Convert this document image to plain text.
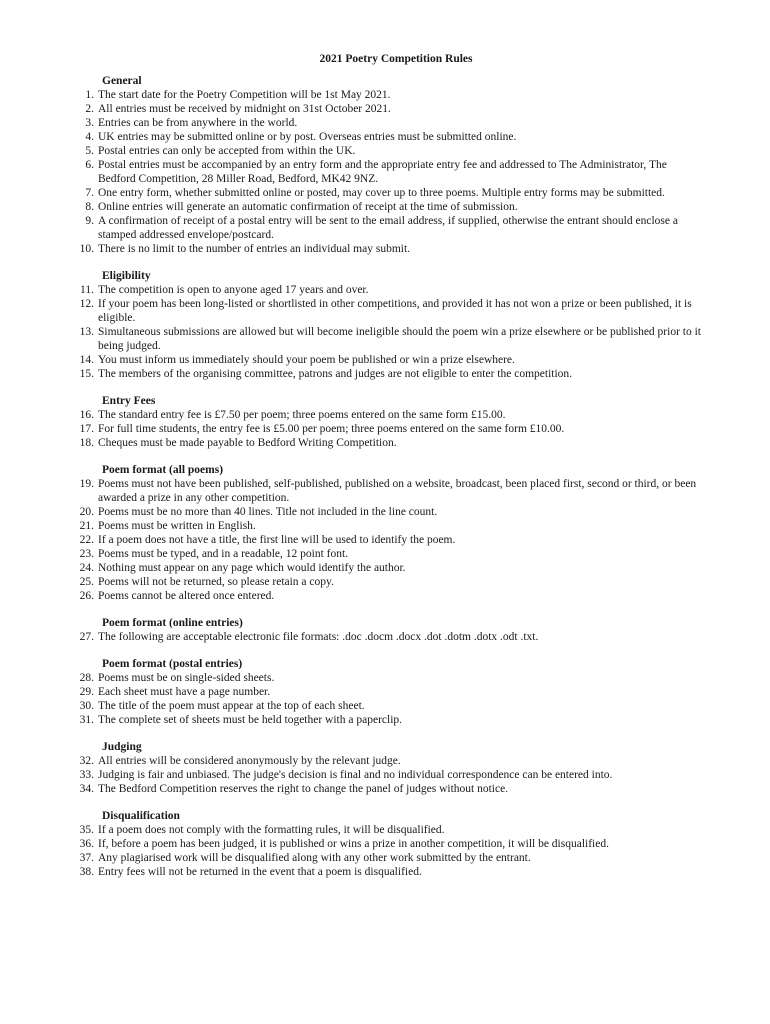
2021 Poetry Competition Rules
General
1. The start date for the Poetry Competition will be 1st May 2021.
2. All entries must be received by midnight on 31st October 2021.
3. Entries can be from anywhere in the world.
4. UK entries may be submitted online or by post. Overseas entries must be submitted online.
5. Postal entries can only be accepted from within the UK.
6. Postal entries must be accompanied by an entry form and the appropriate entry fee and addressed to The Administrator, The Bedford Competition, 28 Miller Road, Bedford, MK42 9NZ.
7. One entry form, whether submitted online or posted, may cover up to three poems. Multiple entry forms may be submitted.
8. Online entries will generate an automatic confirmation of receipt at the time of submission.
9. A confirmation of receipt of a postal entry will be sent to the email address, if supplied, otherwise the entrant should enclose a stamped addressed envelope/postcard.
10. There is no limit to the number of entries an individual may submit.
Eligibility
11. The competition is open to anyone aged 17 years and over.
12. If your poem has been long-listed or shortlisted in other competitions, and provided it has not won a prize or been published, it is eligible.
13. Simultaneous submissions are allowed but will become ineligible should the poem win a prize elsewhere or be published prior to it being judged.
14. You must inform us immediately should your poem be published or win a prize elsewhere.
15. The members of the organising committee, patrons and judges are not eligible to enter the competition.
Entry Fees
16. The standard entry fee is £7.50 per poem; three poems entered on the same form £15.00.
17. For full time students, the entry fee is £5.00 per poem; three poems entered on the same form £10.00.
18. Cheques must be made payable to Bedford Writing Competition.
Poem format (all poems)
19. Poems must not have been published, self-published, published on a website, broadcast, been placed first, second or third, or been awarded a prize in any other competition.
20. Poems must be no more than 40 lines. Title not included in the line count.
21. Poems must be written in English.
22. If a poem does not have a title, the first line will be used to identify the poem.
23. Poems must be typed, and in a readable, 12 point font.
24. Nothing must appear on any page which would identify the author.
25. Poems will not be returned, so please retain a copy.
26. Poems cannot be altered once entered.
Poem format (online entries)
27. The following are acceptable electronic file formats: .doc .docm .docx .dot .dotm .dotx .odt .txt.
Poem format (postal entries)
28. Poems must be on single-sided sheets.
29. Each sheet must have a page number.
30. The title of the poem must appear at the top of each sheet.
31. The complete set of sheets must be held together with a paperclip.
Judging
32. All entries will be considered anonymously by the relevant judge.
33. Judging is fair and unbiased. The judge's decision is final and no individual correspondence can be entered into.
34. The Bedford Competition reserves the right to change the panel of judges without notice.
Disqualification
35. If a poem does not comply with the formatting rules, it will be disqualified.
36. If, before a poem has been judged, it is published or wins a prize in another competition, it will be disqualified.
37. Any plagiarised work will be disqualified along with any other work submitted by the entrant.
38. Entry fees will not be returned in the event that a poem is disqualified.
